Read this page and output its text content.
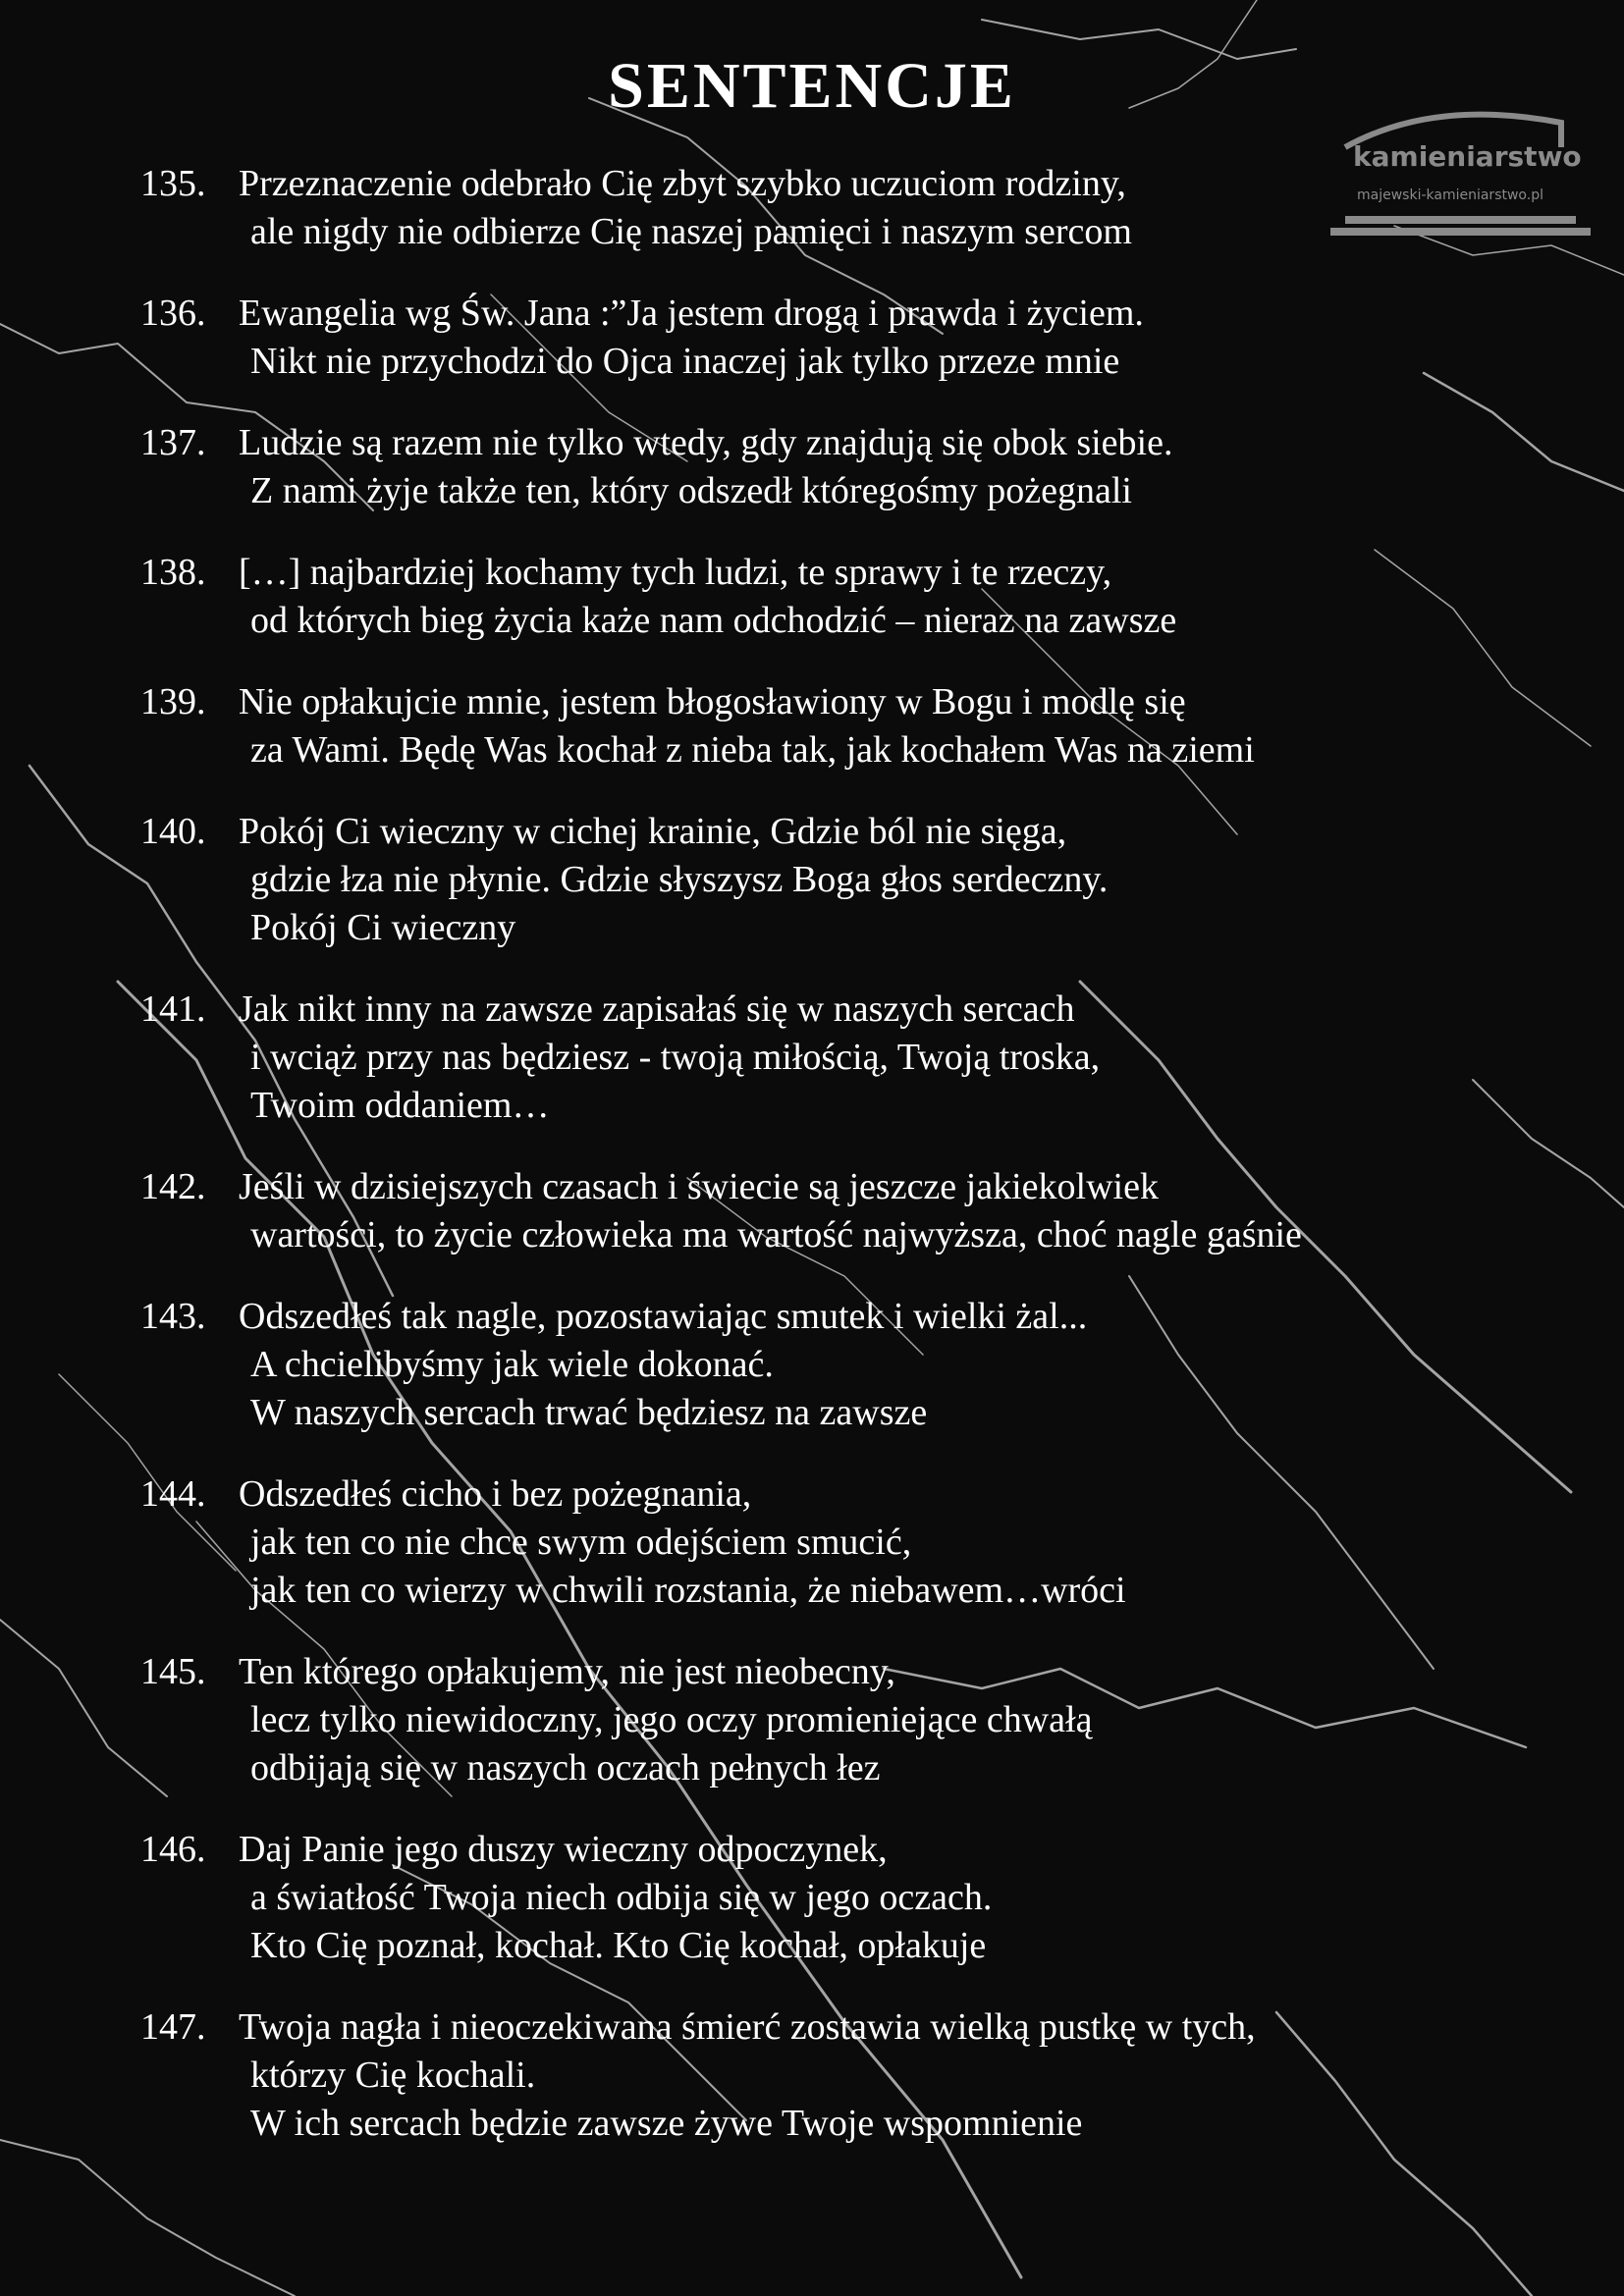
SENTENCJE
kamieniarstwo
majewski-kamieniarstwo.pl
135. Przeznaczenie odebrało Cię zbyt szybko uczuciom rodziny,
ale nigdy nie odbierze Cię naszej pamięci i naszym sercom
136. Ewangelia wg Św. Jana :”Ja jestem drogą i prawda i życiem.
Nikt nie przychodzi do Ojca inaczej jak tylko przeze mnie
137. Ludzie są razem nie tylko wtedy, gdy znajdują się obok siebie.
Z nami żyje także ten, który odszedł któregośmy pożegnali
138. […] najbardziej kochamy tych ludzi, te sprawy i te rzeczy,
od których bieg życia każe nam odchodzić – nieraz na zawsze
139. Nie opłakujcie mnie, jestem błogosławiony w Bogu i modlę się
za Wami. Będę Was kochał z nieba tak, jak kochałem Was na ziemi
140. Pokój Ci wieczny w cichej krainie, Gdzie ból nie sięga,
gdzie łza nie płynie. Gdzie słyszysz Boga głos serdeczny.
Pokój Ci wieczny
141. Jak nikt inny na zawsze zapisałaś się w naszych sercach
i wciąż przy nas będziesz - twoją miłością, Twoją troska,
Twoim oddaniem…
142. Jeśli w dzisiejszych czasach i świecie są jeszcze jakiekolwiek
wartości, to życie człowieka ma wartość najwyższa, choć nagle gaśnie
143. Odszedłeś tak nagle, pozostawiając smutek i wielki żal...
A chcielibyśmy jak wiele dokonać.
W naszych sercach trwać będziesz na zawsze
144. Odszedłeś cicho i bez pożegnania,
jak ten co nie chce swym odejściem smucić,
jak ten co wierzy w chwili rozstania, że niebawem…wróci
145. Ten którego opłakujemy, nie jest nieobecny,
lecz tylko niewidoczny, jego oczy promieniejące chwałą
odbijają się w naszych oczach pełnych łez
146. Daj Panie jego duszy wieczny odpoczynek,
a światłość Twoja niech odbija się w jego oczach.
Kto Cię poznał, kochał. Kto Cię kochał, opłakuje
147. Twoja nagła i nieoczekiwana śmierć zostawia wielką pustkę w tych,
którzy Cię kochali.
W ich sercach będzie zawsze żywe Twoje wspomnienie
